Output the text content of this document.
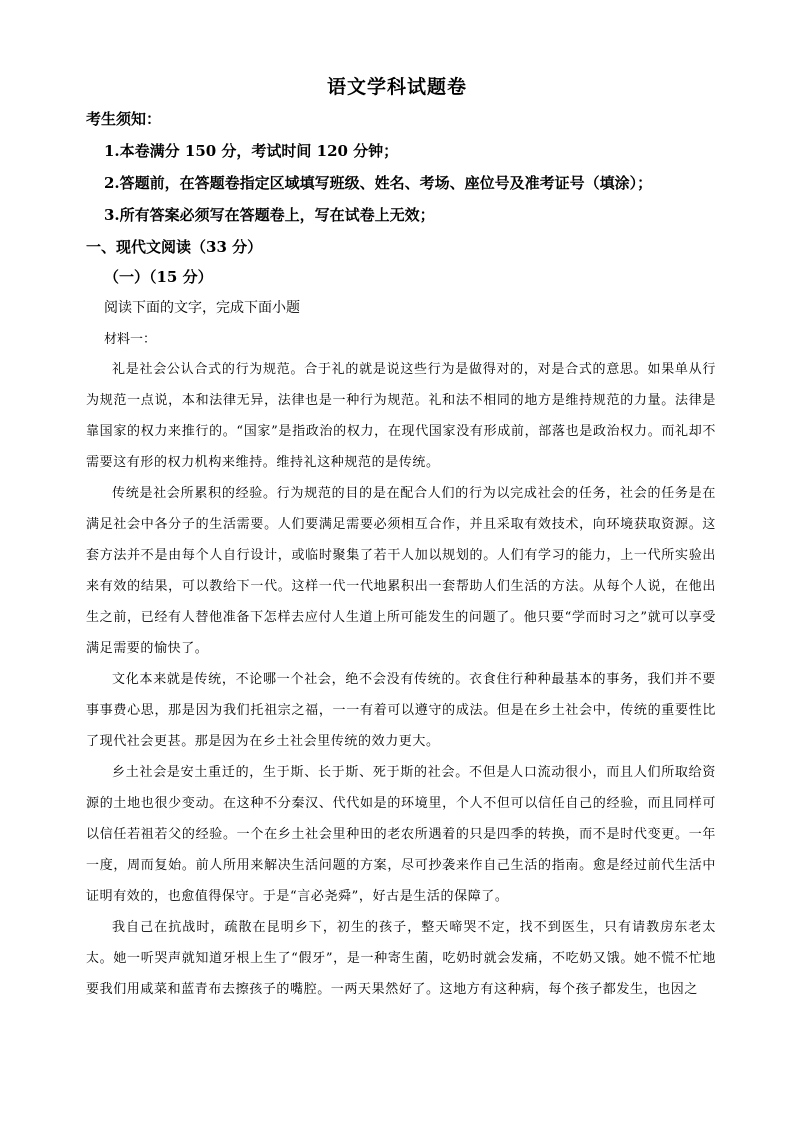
语文学科试题卷
考生须知：
1.本卷满分 150 分，考试时间 120 分钟；
2.答题前，在答题卷指定区域填写班级、姓名、考场、座位号及准考证号（填涂）；
3.所有答案必须写在答题卷上，写在试卷上无效；
一、现代文阅读（33 分）
（一）（15 分）
阅读下面的文字，完成下面小题
材料一：
礼是社会公认合式的行为规范。合于礼的就是说这些行为是做得对的，对是合式的意思。如果单从行为规范一点说，本和法律无异，法律也是一种行为规范。礼和法不相同的地方是维持规范的力量。法律是靠国家的权力来推行的。“国家”是指政治的权力，在现代国家没有形成前，部落也是政治权力。而礼却不需要这有形的权力机构来维持。维持礼这种规范的是传统。
传统是社会所累积的经验。行为规范的目的是在配合人们的行为以完成社会的任务，社会的任务是在满足社会中各分子的生活需要。人们要满足需要必须相互合作，并且采取有效技术，向环境获取资源。这套方法并不是由每个人自行设计，或临时聚集了若干人加以规划的。人们有学习的能力，上一代所实验出来有效的结果，可以教给下一代。这样一代一代地累积出一套帮助人们生活的方法。从每个人说，在他出生之前，已经有人替他准备下怎样去应付人生道上所可能发生的问题了。他只要“学而时习之”就可以享受满足需要的愉快了。
文化本来就是传统，不论哪一个社会，绝不会没有传统的。衣食住行种种最基本的事务，我们并不要事事费心思，那是因为我们托祖宗之福，一一有着可以遵守的成法。但是在乡土社会中，传统的重要性比了现代社会更甚。那是因为在乡土社会里传统的效力更大。
乡土社会是安土重迁的，生于斯、长于斯、死于斯的社会。不但是人口流动很小，而且人们所取给资源的土地也很少变动。在这种不分秦汉、代代如是的环境里，个人不但可以信任自己的经验，而且同样可以信任若祖若父的经验。一个在乡土社会里种田的老农所遇着的只是四季的转换，而不是时代变更。一年一度，周而复始。前人所用来解决生活问题的方案，尽可抄袭来作自己生活的指南。愈是经过前代生活中证明有效的，也愈值得保守。于是“言必尧舜”，好古是生活的保障了。
我自己在抗战时，疏散在昆明乡下，初生的孩子，整天啼哭不定，找不到医生，只有请教房东老太太。她一听哭声就知道牙根上生了“假牙”，是一种寄生菌，吃奶时就会发痛，不吃奶又饿。她不慌不忙地要我们用咸菜和蓝青布去擦孩子的嘴腔。一两天果然好了。这地方有这种病，每个孩子都发生，也因之
